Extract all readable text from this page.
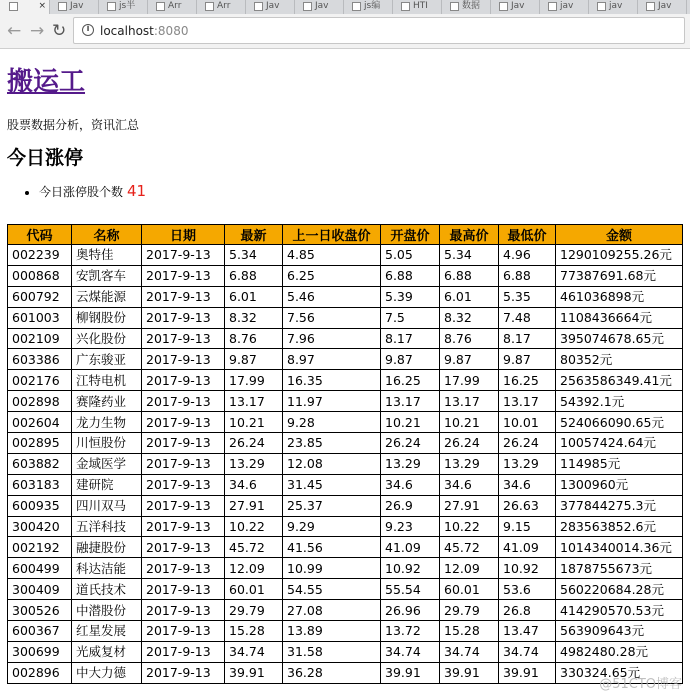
×	Jav	js半	Arr	Arr	Jav	Jav	js编	HTI	数据	Jav	jav	jav	Jav
← → ↻	i localhost:8080
搬运工
股票数据分析，资讯汇总
今日涨停
• 今日涨停股个数 41
代码	名称	日期	最新	上一日收盘价	开盘价	最高价	最低价	金额
002239	奥特佳	2017-9-13	5.34	4.85	5.05	5.34	4.96	1290109255.26元
000868	安凯客车	2017-9-13	6.88	6.25	6.88	6.88	6.88	77387691.68元
600792	云煤能源	2017-9-13	6.01	5.46	5.39	6.01	5.35	461036898元
601003	柳钢股份	2017-9-13	8.32	7.56	7.5	8.32	7.48	1108436664元
002109	兴化股份	2017-9-13	8.76	7.96	8.17	8.76	8.17	395074678.65元
603386	广东骏亚	2017-9-13	9.87	8.97	9.87	9.87	9.87	80352元
002176	江特电机	2017-9-13	17.99	16.35	16.25	17.99	16.25	2563586349.41元
002898	赛隆药业	2017-9-13	13.17	11.97	13.17	13.17	13.17	54392.1元
002604	龙力生物	2017-9-13	10.21	9.28	10.21	10.21	10.01	524066090.65元
002895	川恒股份	2017-9-13	26.24	23.85	26.24	26.24	26.24	10057424.64元
603882	金域医学	2017-9-13	13.29	12.08	13.29	13.29	13.29	114985元
603183	建研院	2017-9-13	34.6	31.45	34.6	34.6	34.6	1300960元
600935	四川双马	2017-9-13	27.91	25.37	26.9	27.91	26.63	377844275.3元
300420	五洋科技	2017-9-13	10.22	9.29	9.23	10.22	9.15	283563852.6元
002192	融捷股份	2017-9-13	45.72	41.56	41.09	45.72	41.09	1014340014.36元
600499	科达洁能	2017-9-13	12.09	10.99	10.92	12.09	10.92	1878755673元
300409	道氏技术	2017-9-13	60.01	54.55	55.54	60.01	53.6	560220684.28元
300526	中潜股份	2017-9-13	29.79	27.08	26.96	29.79	26.8	414290570.53元
600367	红星发展	2017-9-13	15.28	13.89	13.72	15.28	13.47	563909643元
300699	光威复材	2017-9-13	34.74	31.58	34.74	34.74	34.74	4982480.28元
002896	中大力德	2017-9-13	39.91	36.28	39.91	39.91	39.91	330324.65元
@51CTO博客
